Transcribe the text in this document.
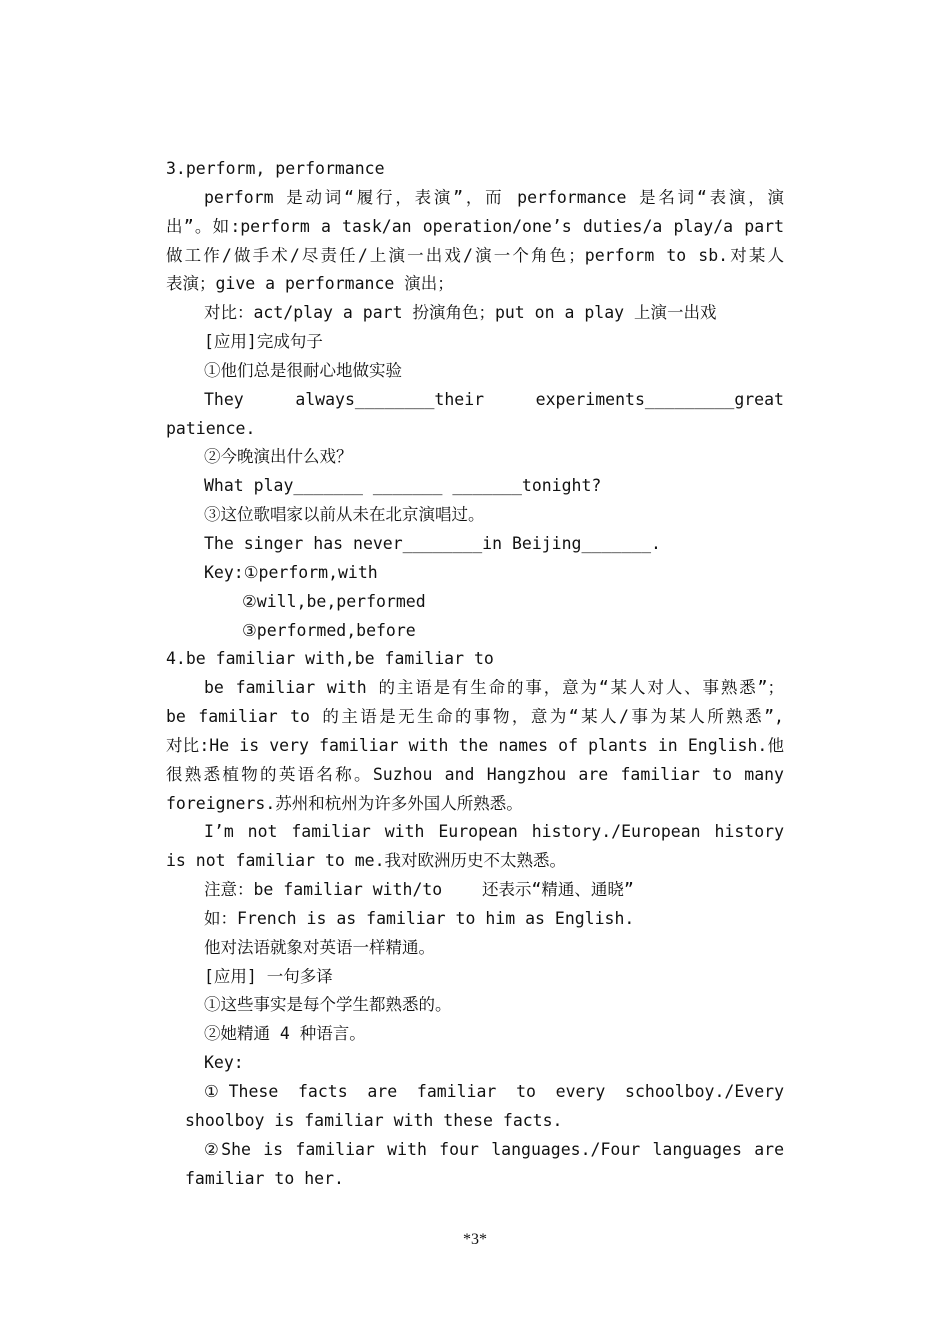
3.perform, performance
perform 是动词“履行，表演”，而 performance 是名词“表演，演
出”。如:perform a task/an operation/one’s duties/a play/a part
做工作/做手术/尽责任/上演一出戏/演一个角色；perform to sb.对某人
表演；give a performance 演出；
对比：act/play a part 扮演角色；put on a play 上演一出戏
[应用]完成句子
①他们总是很耐心地做实验
They always________their experiments_________great
patience.
②今晚演出什么戏？
What play_______ _______ _______tonight?
③这位歌唱家以前从未在北京演唱过。
The singer has never________in Beijing_______.
Key:①perform,with
②will,be,performed
③performed,before
4.be familiar with,be familiar to
be familiar with 的主语是有生命的事，意为“某人对人、事熟悉”；
be familiar to 的主语是无生命的事物，意为“某人/事为某人所熟悉”,
对比:He is very familiar with the names of plants in English.他
很熟悉植物的英语名称。Suzhou and Hangzhou are familiar to many
foreigners.苏州和杭州为许多外国人所熟悉。
I’m not familiar with European history./European history
is not familiar to me.我对欧洲历史不太熟悉。
注意：be familiar with/to    还表示“精通、通晓”
如：French is as familiar to him as English.
他对法语就象对英语一样精通。
[应用] 一句多译
①这些事实是每个学生都熟悉的。
②她精通 4 种语言。
Key:
①These facts are familiar to every schoolboy./Every
shoolboy is familiar with these facts.
②She is familiar with four languages./Four languages are
familiar to her.
*3*
